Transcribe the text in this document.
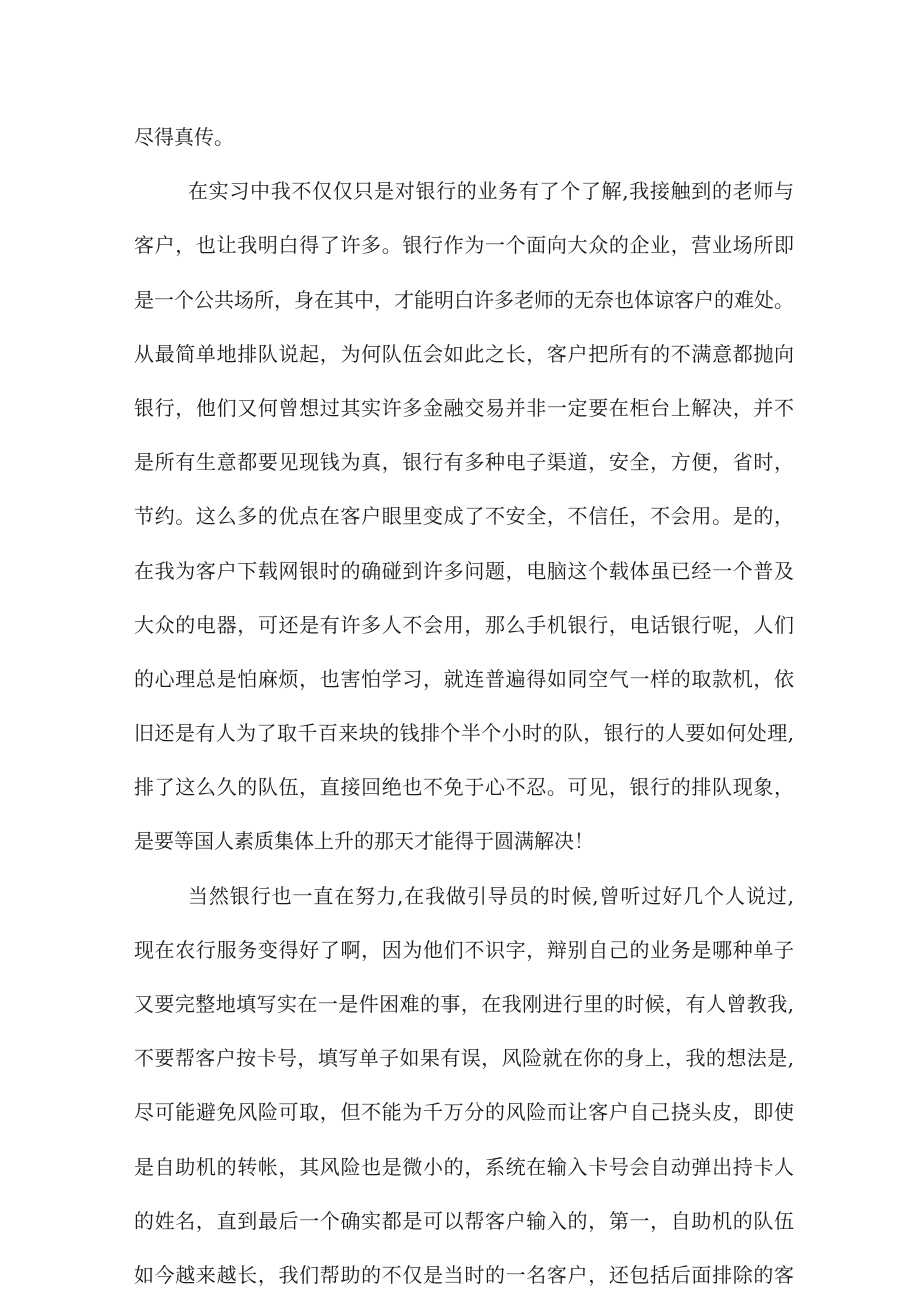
尽得真传。
在实习中我不仅仅只是对银行的业务有了个了解,我接触到的老师与
客户，也让我明白得了许多。银行作为一个面向大众的企业，营业场所即
是一个公共场所，身在其中，才能明白许多老师的无奈也体谅客户的难处。
从最简单地排队说起，为何队伍会如此之长，客户把所有的不满意都抛向
银行，他们又何曾想过其实许多金融交易并非一定要在柜台上解决，并不
是所有生意都要见现钱为真，银行有多种电子渠道，安全，方便，省时，
节约。这么多的优点在客户眼里变成了不安全，不信任，不会用。是的，
在我为客户下载网银时的确碰到许多问题，电脑这个载体虽已经一个普及
大众的电器，可还是有许多人不会用，那么手机银行，电话银行呢，人们
的心理总是怕麻烦，也害怕学习，就连普遍得如同空气一样的取款机，依
旧还是有人为了取千百来块的钱排个半个小时的队，银行的人要如何处理,
排了这么久的队伍，直接回绝也不免于心不忍。可见，银行的排队现象，
是要等国人素质集体上升的那天才能得于圆满解决！
当然银行也一直在努力,在我做引导员的时候,曾听过好几个人说过,
现在农行服务变得好了啊，因为他们不识字，辩别自己的业务是哪种单子
又要完整地填写实在一是件困难的事，在我刚进行里的时候，有人曾教我,
不要帮客户按卡号，填写单子如果有误，风险就在你的身上，我的想法是,
尽可能避免风险可取，但不能为千万分的风险而让客户自己挠头皮，即使
是自助机的转帐，其风险也是微小的，系统在输入卡号会自动弹出持卡人
的姓名，直到最后一个确实都是可以帮客户输入的，第一，自助机的队伍
如今越来越长，我们帮助的不仅是当时的一名客户，还包括后面排除的客
